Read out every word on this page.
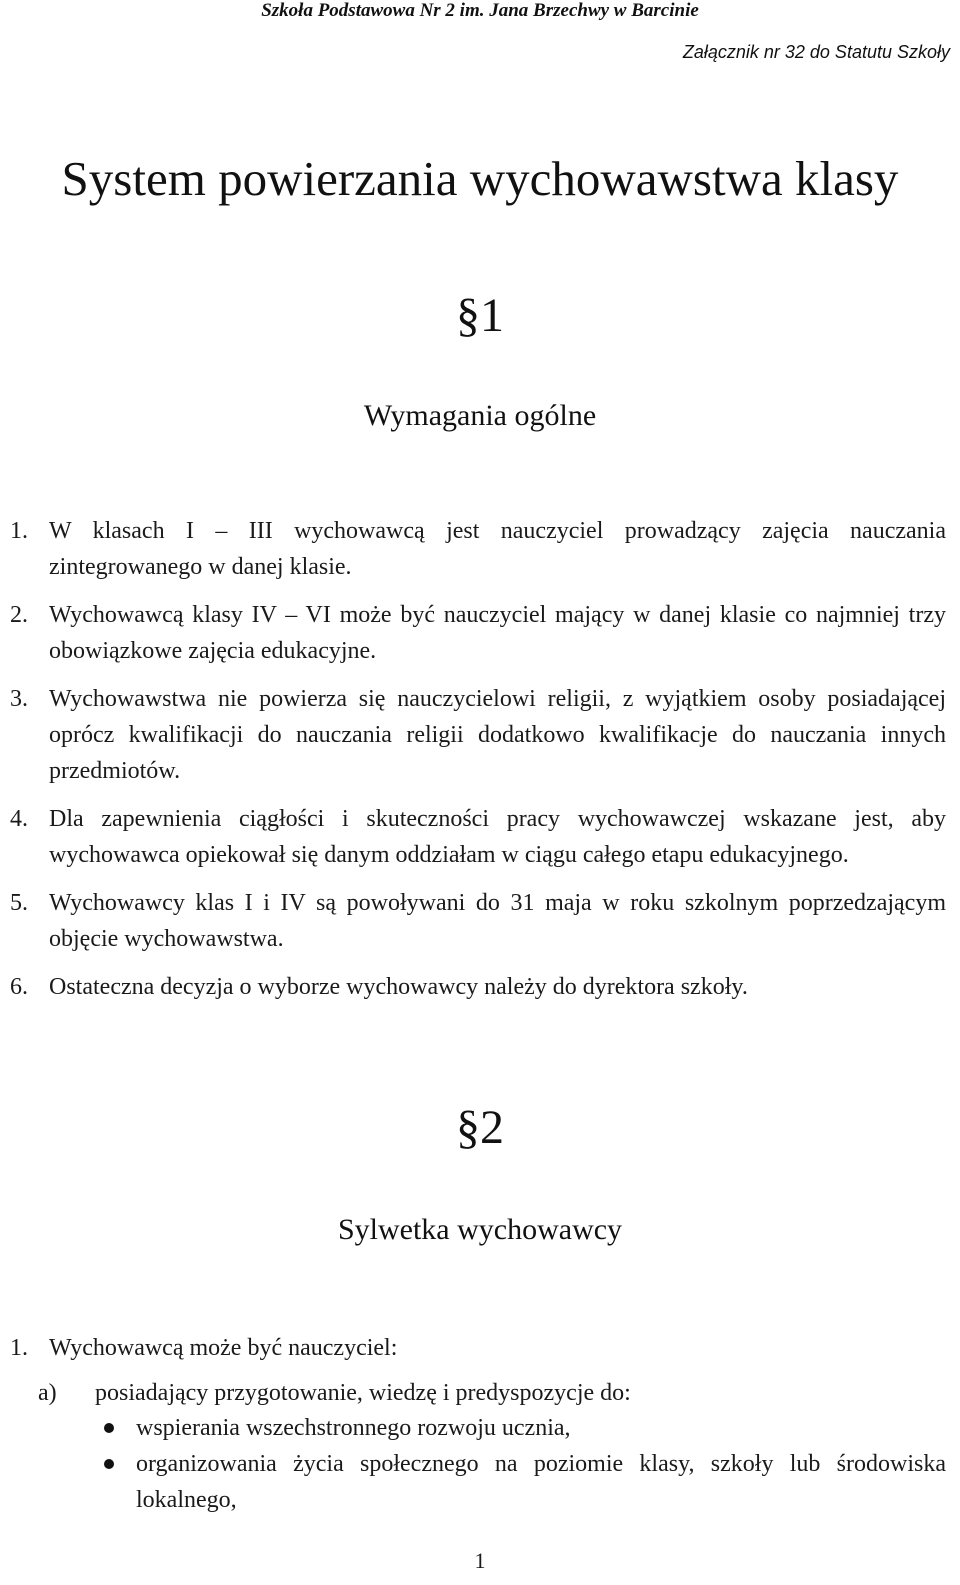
Szkoła Podstawowa Nr 2 im. Jana Brzechwy w Barcinie
Załącznik nr 32 do Statutu Szkoły
System powierzania wychowawstwa klasy
§1
Wymagania ogólne
1. W klasach I – III wychowawcą jest nauczyciel prowadzący zajęcia nauczania zintegrowanego w danej klasie.
2. Wychowawcą klasy IV – VI może być nauczyciel mający w danej klasie co najmniej trzy obowiązkowe zajęcia edukacyjne.
3. Wychowawstwa nie powierza się nauczycielowi religii, z wyjątkiem osoby posiadającej oprócz kwalifikacji do nauczania religii dodatkowo kwalifikacje do nauczania innych przedmiotów.
4. Dla zapewnienia ciągłości i skuteczności pracy wychowawczej wskazane jest, aby wychowawca opiekował się danym oddziałam w ciągu całego etapu edukacyjnego.
5. Wychowawcy klas I i IV są powoływani do 31 maja w roku szkolnym poprzedzającym objęcie wychowawstwa.
6. Ostateczna decyzja o wyborze wychowawcy należy do dyrektora szkoły.
§2
Sylwetka wychowawcy
1. Wychowawcą może być nauczyciel:
a) posiadający przygotowanie, wiedzę i predyspozycje do:
wspierania wszechstronnego rozwoju ucznia,
organizowania życia społecznego na poziomie klasy, szkoły lub środowiska lokalnego,
1
